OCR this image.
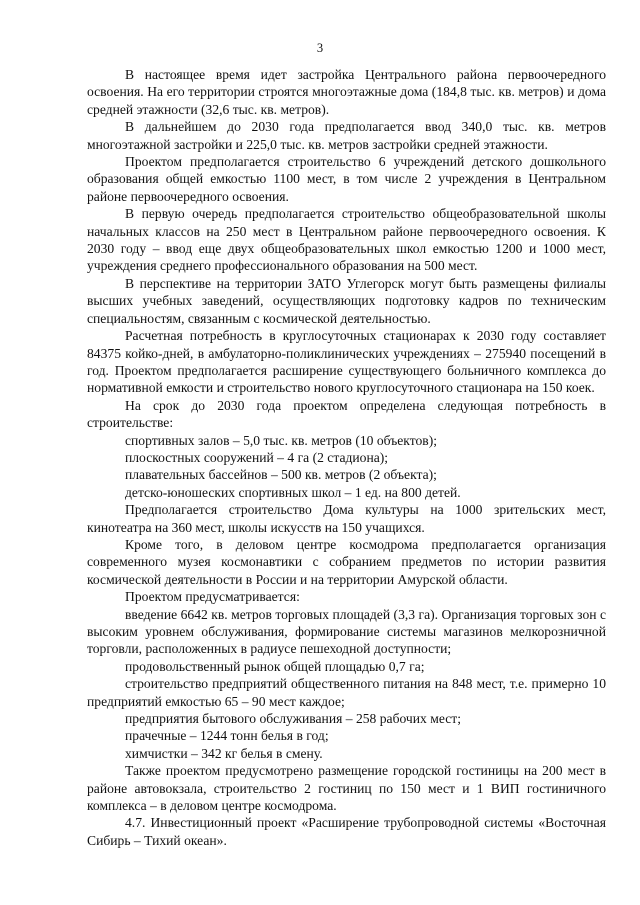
3

В настоящее время идет застройка Центрального района первоочередного освоения. На его территории строятся многоэтажные дома (184,8 тыс. кв. метров) и дома средней этажности (32,6 тыс. кв. метров).

В дальнейшем до 2030 года предполагается ввод 340,0 тыс. кв. метров многоэтажной застройки и 225,0 тыс. кв. метров застройки средней этажности.

Проектом предполагается строительство 6 учреждений детского дошкольного образования общей емкостью 1100 мест, в том числе 2 учреждения в Центральном районе первоочередного освоения.

В первую очередь предполагается строительство общеобразовательной школы начальных классов на 250 мест в Центральном районе первоочередного освоения. К 2030 году – ввод еще двух общеобразовательных школ емкостью 1200 и 1000 мест, учреждения среднего профессионального образования на 500 мест.

В перспективе на территории ЗАТО Углегорск могут быть размещены филиалы высших учебных заведений, осуществляющих подготовку кадров по техническим специальностям, связанным с космической деятельностью.

Расчетная потребность в круглосуточных стационарах к 2030 году составляет 84375 койко-дней, в амбулаторно-поликлинических учреждениях – 275940 посещений в год. Проектом предполагается расширение существующего больничного комплекса до нормативной емкости и строительство нового круглосуточного стационара на 150 коек.

На срок до 2030 года проектом определена следующая потребность в строительстве:

спортивных залов – 5,0 тыс. кв. метров (10 объектов);

плоскостных сооружений – 4 га (2 стадиона);

плавательных бассейнов – 500 кв. метров (2 объекта);

детско-юношеских спортивных школ – 1 ед. на 800 детей.

Предполагается строительство Дома культуры на 1000 зрительских мест, кинотеатра на 360 мест, школы искусств на 150 учащихся.

Кроме того, в деловом центре космодрома предполагается организация современного музея космонавтики с собранием предметов по истории развития космической деятельности в России и на территории Амурской области.

Проектом предусматривается:

введение 6642 кв. метров торговых площадей (3,3 га). Организация торговых зон с высоким уровнем обслуживания, формирование системы магазинов мелкорозничной торговли, расположенных в радиусе пешеходной доступности;

продовольственный рынок общей площадью 0,7 га;

строительство предприятий общественного питания на 848 мест, т.е. примерно 10 предприятий емкостью 65 – 90 мест каждое;

предприятия бытового обслуживания – 258 рабочих мест;

прачечные – 1244 тонн белья в год;

химчистки – 342 кг белья в смену.

Также проектом предусмотрено размещение городской гостиницы на 200 мест в районе автовокзала, строительство 2 гостиниц по 150 мест и 1 ВИП гостиничного комплекса – в деловом центре космодрома.

4.7. Инвестиционный проект «Расширение трубопроводной системы «Восточная Сибирь – Тихий океан».
